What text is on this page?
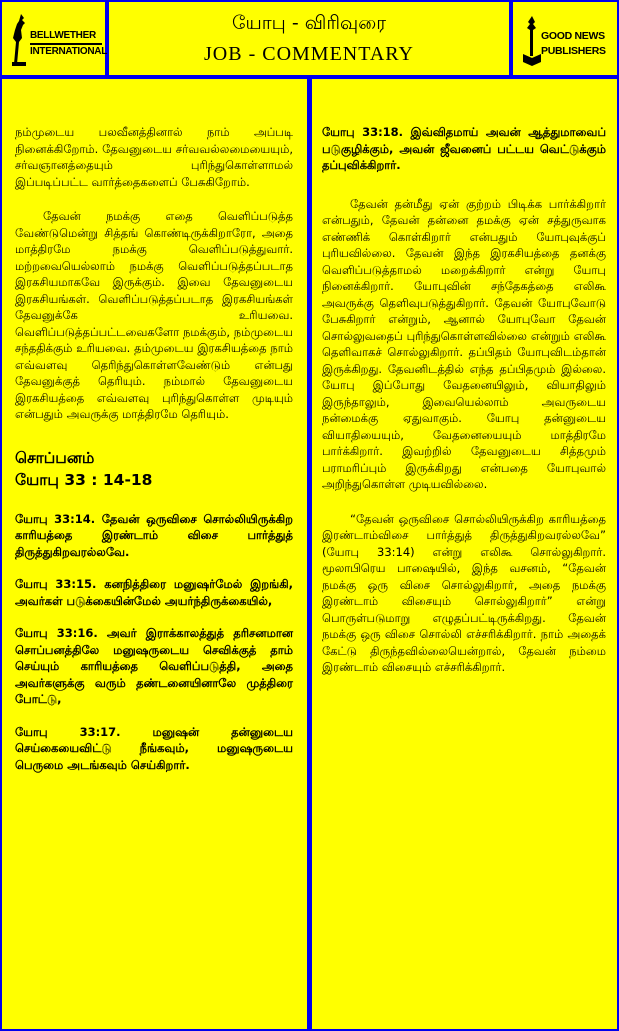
BELLWETHER
INTERNATIONAL
யோபு - விரிவுரை
JOB - COMMENTARY
GOOD NEWS
PUBLISHERS

நம்முடைய பலவீனத்தினால் நாம் அப்படி நினைக்கிறோம். தேவனுடைய சர்வவல்லமையையும், சர்வஞானத்தையும் புரிந்துகொள்ளாமல் இப்படிப்பட்ட வார்த்தைகளைப் பேசுகிறோம்.

தேவன் நமக்கு எதை வெளிப்படுத்த வேண்டுமென்று சித்தங் கொண்டிருக்கிறாரோ, அதை மாத்திரமே நமக்கு வெளிப்படுத்துவார். மற்றவையெல்லாம் நமக்கு வெளிப்படுத்தப்படாத இரகசியமாகவே இருக்கும். இவை தேவனுடைய இரகசியங்கள். வெளிப்படுத்தப்படாத இரகசியங்கள் தேவனுக்கே உரியவை. வெளிப்படுத்தப்பட்டவைகளோ நமக்கும், நம்முடைய சந்ததிக்கும் உரியவை. தம்முடைய இரகசியத்தை நாம் எவ்வளவு தெரிந்துகொள்ளவேண்டும் என்பது தேவனுக்குத் தெரியும். நம்மால் தேவனுடைய இரகசியத்தை எவ்வளவு புரிந்துகொள்ள முடியும் என்பதும் அவருக்கு மாத்திரமே தெரியும்.

சொப்பனம்
யோபு 33 : 14-18

யோபு 33:14. தேவன் ஒருவிசை சொல்லியிருக்கிற காரியத்தை இரண்டாம் விசை பார்த்துத் திருத்துகிறவரல்லவே.

யோபு 33:15. கனநித்திரை மனுஷர்மேல் இறங்கி, அவர்கள் படுக்கையின்மேல் அயர்ந்திருக்கையில்,

யோபு 33:16. அவர் இராக்காலத்துத் தரிசனமான சொப்பனத்திலே மனுஷருடைய செவிக்குத் தாம் செய்யும் காரியத்தை வெளிப்படுத்தி, அதை அவர்களுக்கு வரும் தண்டனையினாலே முத்திரை போட்டு,

யோபு 33:17. மனுஷன் தன்னுடைய செய்கையைவிட்டு நீங்கவும், மனுஷருடைய பெருமை அடங்கவும் செய்கிறார்.

யோபு 33:18. இவ்விதமாய் அவன் ஆத்துமாவைப் படுகுழிக்கும், அவன் ஜீவனைப் பட்டய வெட்டுக்கும் தப்புவிக்கிறார்.

தேவன் தன்மீது ஏன் குற்றம் பிடிக்க பார்க்கிறார் என்பதும், தேவன் தன்னை தமக்கு ஏன் சத்துருவாக எண்ணிக் கொள்கிறார் என்பதும் யோபுவுக்குப் புரியவில்லை. தேவன் இந்த இரகசியத்தை தனக்கு வெளிப்படுத்தாமல் மறைக்கிறார் என்று யோபு நினைக்கிறார். யோபுவின் சந்தேகத்தை எலிகூ அவருக்கு தெளிவுபடுத்துகிறார். தேவன் யோபுவோடு பேசுகிறார் என்றும், ஆனால் யோபுவோ தேவன் சொல்லுவதைப் புரிந்துகொள்ளவில்லை என்றும் எலிகூ தெளிவாகச் சொல்லுகிறார். தப்பிதம் யோபுவிடம்தான் இருக்கிறது. தேவனிடத்தில் எந்த தப்பிதமும் இல்லை. யோபு இப்போது வேதனையிலும், வியாதிலும் இருந்தாலும், இவையெல்லாம் அவருடைய நன்மைக்கு ஏதுவாகும். யோபு தன்னுடைய வியாதியையும், வேதனையையும் மாத்திரமே பார்க்கிறார். இவற்றில் தேவனுடைய சித்தமும் பராமரிப்பும் இருக்கிறது என்பதை யோபுவால் அறிந்துகொள்ள முடியவில்லை.

“தேவன் ஒருவிசை சொல்லியிருக்கிற காரியத்தை இரண்டாம்விசை பார்த்துத் திருத்துகிறவரல்லவே” (யோபு 33:14) என்று எலிகூ சொல்லுகிறார். மூலாபிரெய பாஷையில், இந்த வசனம், “தேவன் நமக்கு ஒரு விசை சொல்லுகிறார், அதை நமக்கு இரண்டாம் விசையும் சொல்லுகிறார்” என்று பொருள்படுமாறு எழுதப்பட்டிருக்கிறது. தேவன் நமக்கு ஒரு விசை சொல்லி எச்சரிக்கிறார். நாம் அதைக் கேட்டு திருந்தவில்லையென்றால், தேவன் நம்மை இரண்டாம் விசையும் எச்சரிக்கிறார்.
